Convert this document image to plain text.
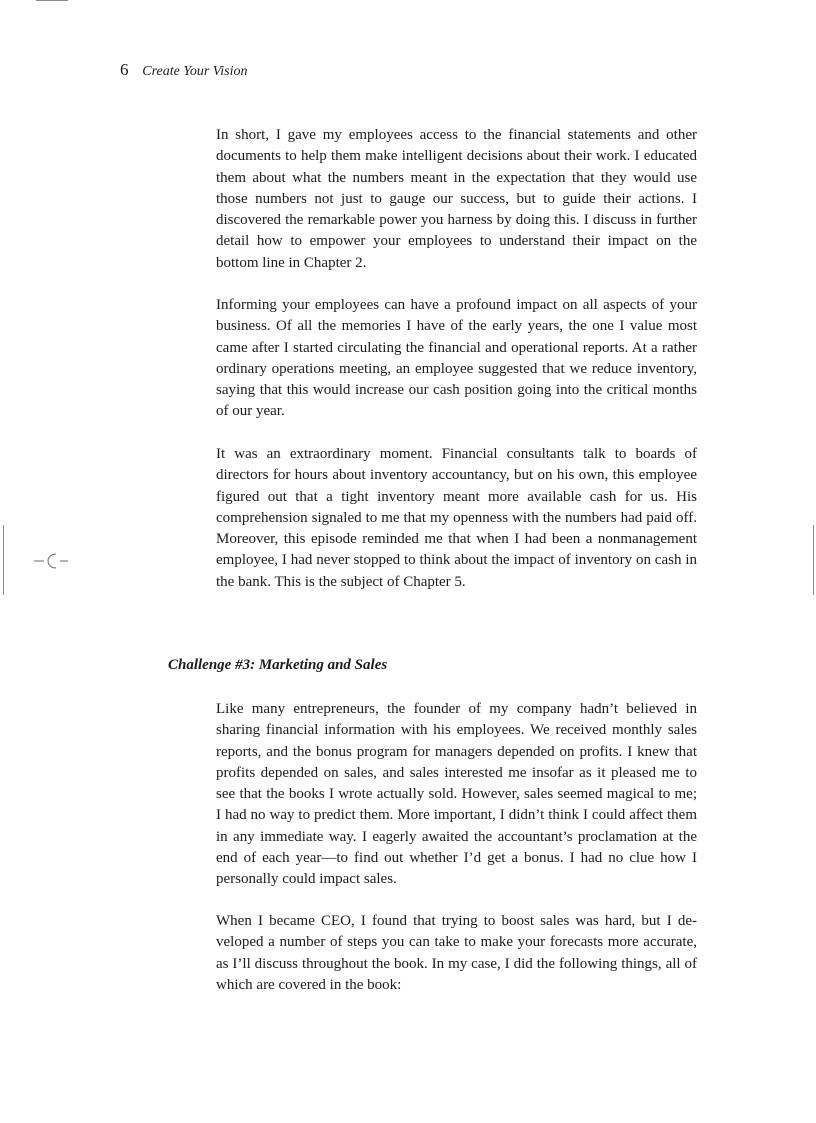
6 Create Your Vision

In short, I gave my employees access to the financial statements and other documents to help them make intelligent decisions about their work. I educated them about what the numbers meant in the expectation that they would use those numbers not just to gauge our success, but to guide their actions. I discovered the remarkable power you harness by doing this. I discuss in further detail how to empower your employees to understand their impact on the bottom line in Chapter 2.

Informing your employees can have a profound impact on all aspects of your business. Of all the memories I have of the early years, the one I value most came after I started circulating the financial and operational reports. At a rather ordinary operations meeting, an employee suggested that we reduce inventory, saying that this would increase our cash position going into the critical months of our year.

It was an extraordinary moment. Financial consultants talk to boards of directors for hours about inventory accountancy, but on his own, this employee figured out that a tight inventory meant more available cash for us. His comprehension signaled to me that my openness with the numbers had paid off. Moreover, this episode reminded me that when I had been a nonmanagement employee, I had never stopped to think about the impact of inventory on cash in the bank. This is the subject of Chapter 5.

Challenge #3: Marketing and Sales

Like many entrepreneurs, the founder of my company hadn’t believed in sharing financial information with his employees. We received monthly sales reports, and the bonus program for managers depended on profits. I knew that profits depended on sales, and sales interested me insofar as it pleased me to see that the books I wrote actually sold. However, sales seemed magical to me; I had no way to predict them. More important, I didn’t think I could affect them in any immediate way. I eagerly awaited the accountant’s proclamation at the end of each year—to find out whether I’d get a bonus. I had no clue how I personally could impact sales.

When I became CEO, I found that trying to boost sales was hard, but I developed a number of steps you can take to make your forecasts more accurate, as I’ll discuss throughout the book. In my case, I did the following things, all of which are covered in the book:
